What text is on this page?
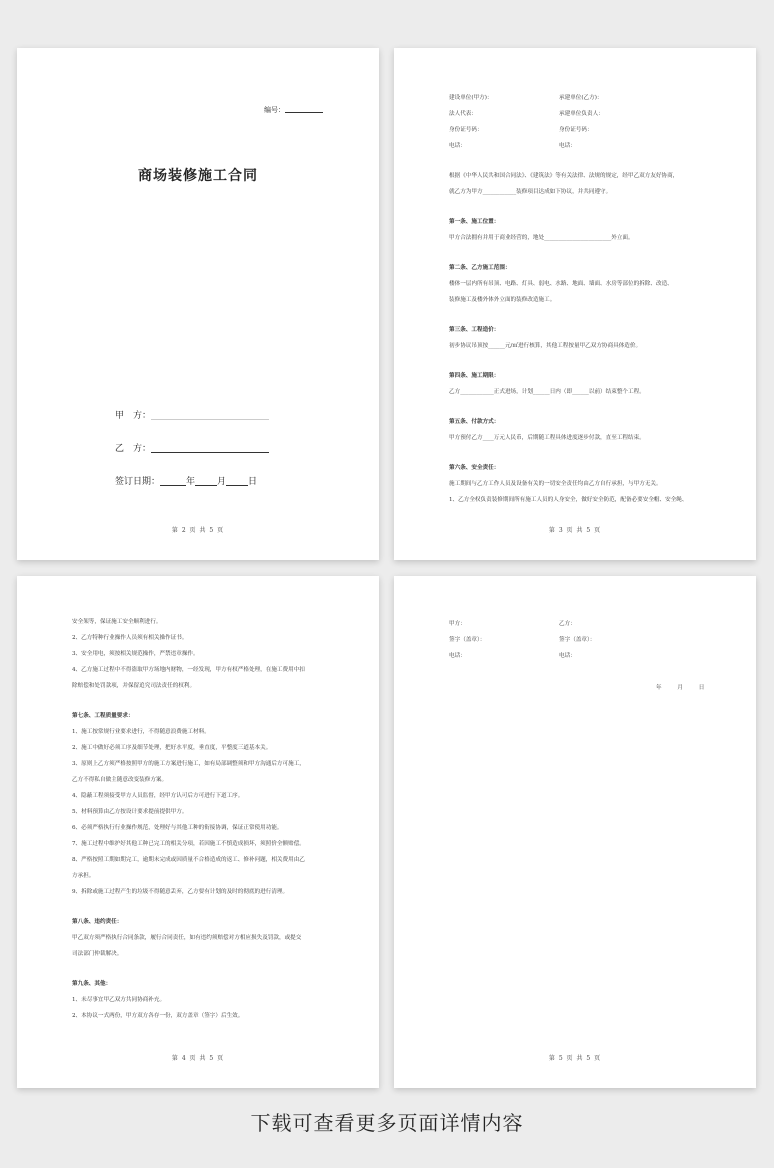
编号：
商场装修施工合同
甲　方：
乙　方：
签订日期：	年 月 日
第 2 页 共 5 页
建设单位(甲方)：	承建单位(乙方)：
法人代表：	承建单位负责人：
身份证号码：	身份证号码：
电话：	电话：

根据《中华人民共和国合同法》、《建筑法》等有关法律、法规的规定，经甲乙双方友好协商，

就乙方为甲方____________装修项目达成如下协议，并共同遵守。

第一条、施工位置：

甲方合法拥有并用于商业经营的，地处________________________外立面。

第二条、乙方施工范围：

楼体一层内所有吊顶、电路、灯具、弱电、水路、地面、墙面、水房等部位的拆除、改造、

装修施工及楼外体外立面的装修改造施工。

第三条、工程造价：

初步协议吊顶按______元/㎡进行核算，其他工程按量甲乙双方协商具体造价。

第四条、施工期限：

乙方____________正式进场，计划______日内（即______以前）结束整个工程。

第五条、付款方式：

甲方预付乙方____万元人民币，后期随工程具体进度逐步付款，直至工程结束。

第六条、安全责任：

施工期间与乙方工作人员及设备有关的一切安全责任均由乙方自行承担，与甲方无关。

1、乙方全权负责装修期间所有施工人员的人身安全，做好安全防范，配备必要安全帽、安全绳、

第 3 页 共 5 页

安全架等，保证施工安全顺利进行。

2、乙方特种行业操作人员须有相关操作证书。

3、安全用电，须按相关规范操作，严禁违章操作。

4、乙方施工过程中不得盗取甲方场地内财物，一经发现，甲方有权严格处理，在施工费用中扣

除赔偿和处罚款项，并保留追究司法责任的权利。

第七条、工程质量要求：

1、施工按常规行业要求进行，不得随意浪费施工材料。

2、施工中做好必须工序及细节处理，把好水平度，垂直度，平整度三道基本关。

3、原则上乙方须严格按照甲方的施工方案进行施工，如有局部调整须和甲方沟通后方可施工，

乙方不得私自做主随意改变装修方案。

4、隐蔽工程须接受甲方人员监督，经甲方认可后方可进行下道工序。

5、材料预算由乙方按设计要求提前提供甲方。

6、必须严格执行行业操作规范，处理好与其他工种的衔接协调，保证正常使用功能。

7、施工过程中维护好其他工种已完工的相关分项，若因施工不慎造成损坏，须照价全额赔偿。

8、严格按照工期如期完工，逾期未完成或因质量不合格造成的返工、修补问题，相关费用由乙

方承担。

9、拆除或施工过程产生的垃圾不得随意丢弃，乙方要有计划的及时的彻底的进行清理。

第八条、违约责任：

甲乙双方须严格执行合同条款，履行合同责任，如有违约须赔偿对方相应损失及罚款，或提交

司法部门仲裁解决。

第九条、其他：

1、未尽事宜甲乙双方共同协商补充。

2、本协议一式两份，甲方双方各存一份，双方盖章（签字）后生效。

第 4 页 共 5 页
甲方：	乙方：
签字（盖章）：	签字（盖章）：
电话：	电话：
年	月	日
第 5 页 共 5 页
下载可查看更多页面详情内容
